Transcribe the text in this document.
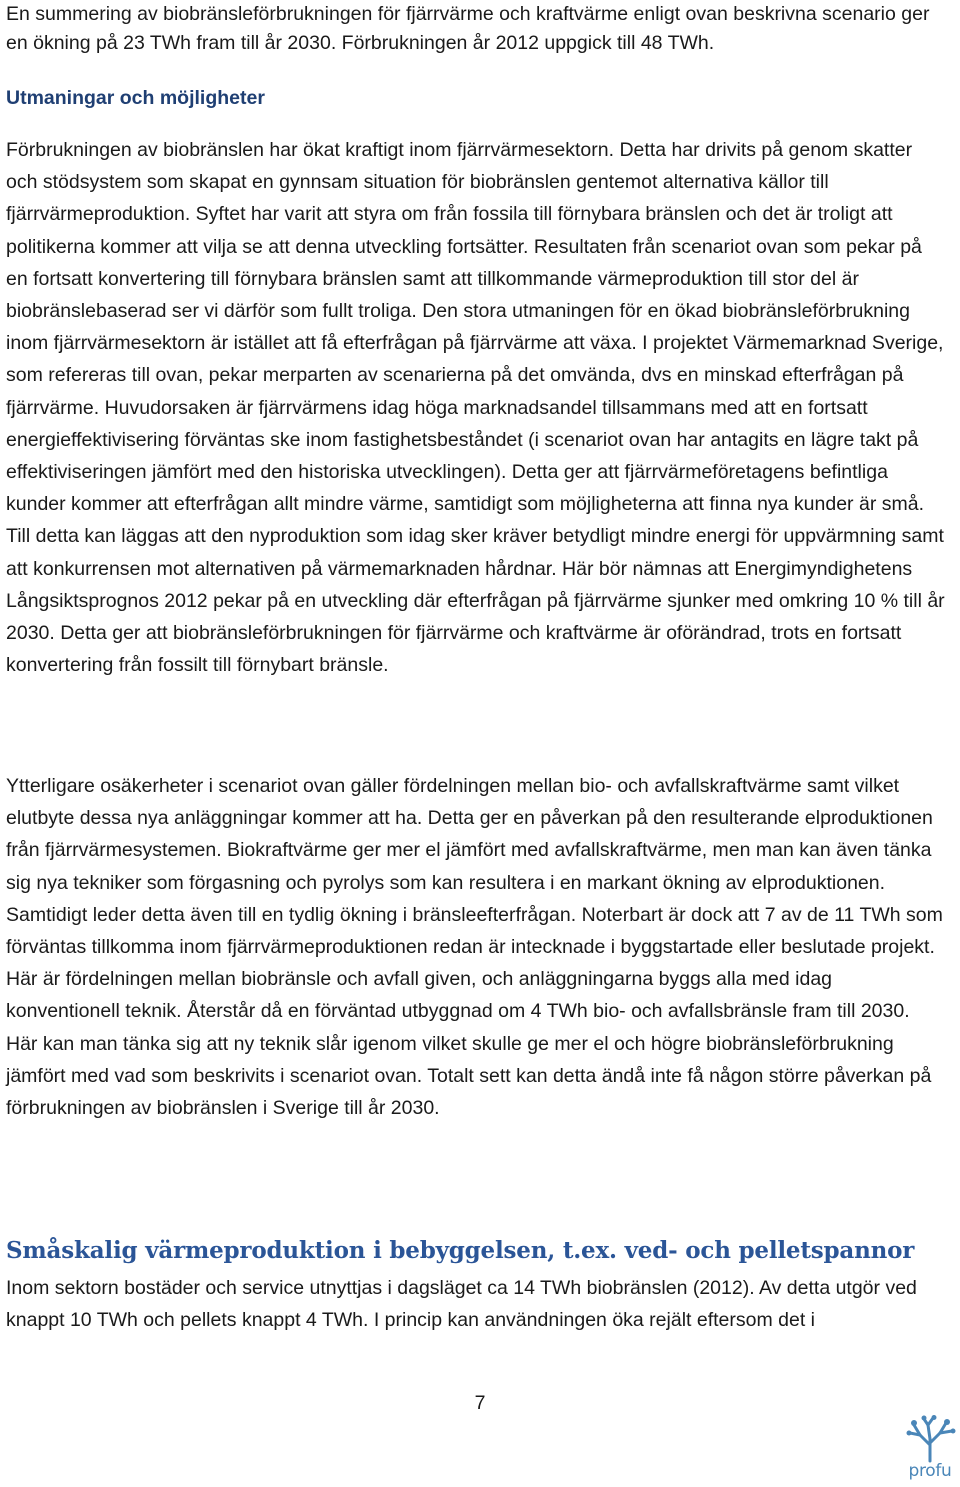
En summering av biobränsleförbrukningen för fjärrvärme och kraftvärme enligt ovan beskrivna scenario ger en ökning på 23 TWh fram till år 2030. Förbrukningen år 2012 uppgick till 48 TWh.

Utmaningar och möjligheter

Förbrukningen av biobränslen har ökat kraftigt inom fjärrvärmesektorn. Detta har drivits på genom skatter och stödsystem som skapat en gynnsam situation för biobränslen gentemot alternativa källor till fjärrvärmeproduktion. Syftet har varit att styra om från fossila till förnybara bränslen och det är troligt att politikerna kommer att vilja se att denna utveckling fortsätter. Resultaten från scenariot ovan som pekar på en fortsatt konvertering till förnybara bränslen samt att tillkommande värmeproduktion till stor del är biobränslebaserad ser vi därför som fullt troliga. Den stora utmaningen för en ökad biobränsleförbrukning inom fjärrvärmesektorn är istället att få efterfrågan på fjärrvärme att växa. I projektet Värmemarknad Sverige, som refereras till ovan, pekar merparten av scenarierna på det omvända, dvs en minskad efterfrågan på fjärrvärme. Huvudorsaken är fjärrvärmens idag höga marknadsandel tillsammans med att en fortsatt energieffektivisering förväntas ske inom fastighetsbeståndet (i scenariot ovan har antagits en lägre takt på effektiviseringen jämfört med den historiska utvecklingen). Detta ger att fjärrvärmeföretagens befintliga kunder kommer att efterfrågan allt mindre värme, samtidigt som möjligheterna att finna nya kunder är små. Till detta kan läggas att den nyproduktion som idag sker kräver betydligt mindre energi för uppvärmning samt att konkurrensen mot alternativen på värmemarknaden hårdnar. Här bör nämnas att Energimyndighetens Långsiktsprognos 2012 pekar på en utveckling där efterfrågan på fjärrvärme sjunker med omkring 10 % till år 2030. Detta ger att biobränsleförbrukningen för fjärrvärme och kraftvärme är oförändrad, trots en fortsatt konvertering från fossilt till förnybart bränsle.

Ytterligare osäkerheter i scenariot ovan gäller fördelningen mellan bio- och avfallskraftvärme samt vilket elutbyte dessa nya anläggningar kommer att ha. Detta ger en påverkan på den resulterande elproduktionen från fjärrvärmesystemen. Biokraftvärme ger mer el jämfört med avfallskraftvärme, men man kan även tänka sig nya tekniker som förgasning och pyrolys som kan resultera i en markant ökning av elproduktionen. Samtidigt leder detta även till en tydlig ökning i bränsleefterfrågan. Noterbart är dock att 7 av de 11 TWh som förväntas tillkomma inom fjärrvärmeproduktionen redan är intecknade i byggstartade eller beslutade projekt. Här är fördelningen mellan biobränsle och avfall given, och anläggningarna byggs alla med idag konventionell teknik. Återstår då en förväntad utbyggnad om 4 TWh bio- och avfallsbränsle fram till 2030. Här kan man tänka sig att ny teknik slår igenom vilket skulle ge mer el och högre biobränsleförbrukning jämfört med vad som beskrivits i scenariot ovan. Totalt sett kan detta ändå inte få någon större påverkan på förbrukningen av biobränslen i Sverige till år 2030.

Småskalig värmeproduktion i bebyggelsen, t.ex. ved- och pelletspannor

Inom sektorn bostäder och service utnyttjas i dagsläget ca 14 TWh biobränslen (2012). Av detta utgör ved knappt 10 TWh och pellets knappt 4 TWh. I princip kan användningen öka rejält eftersom det i

7
profu
